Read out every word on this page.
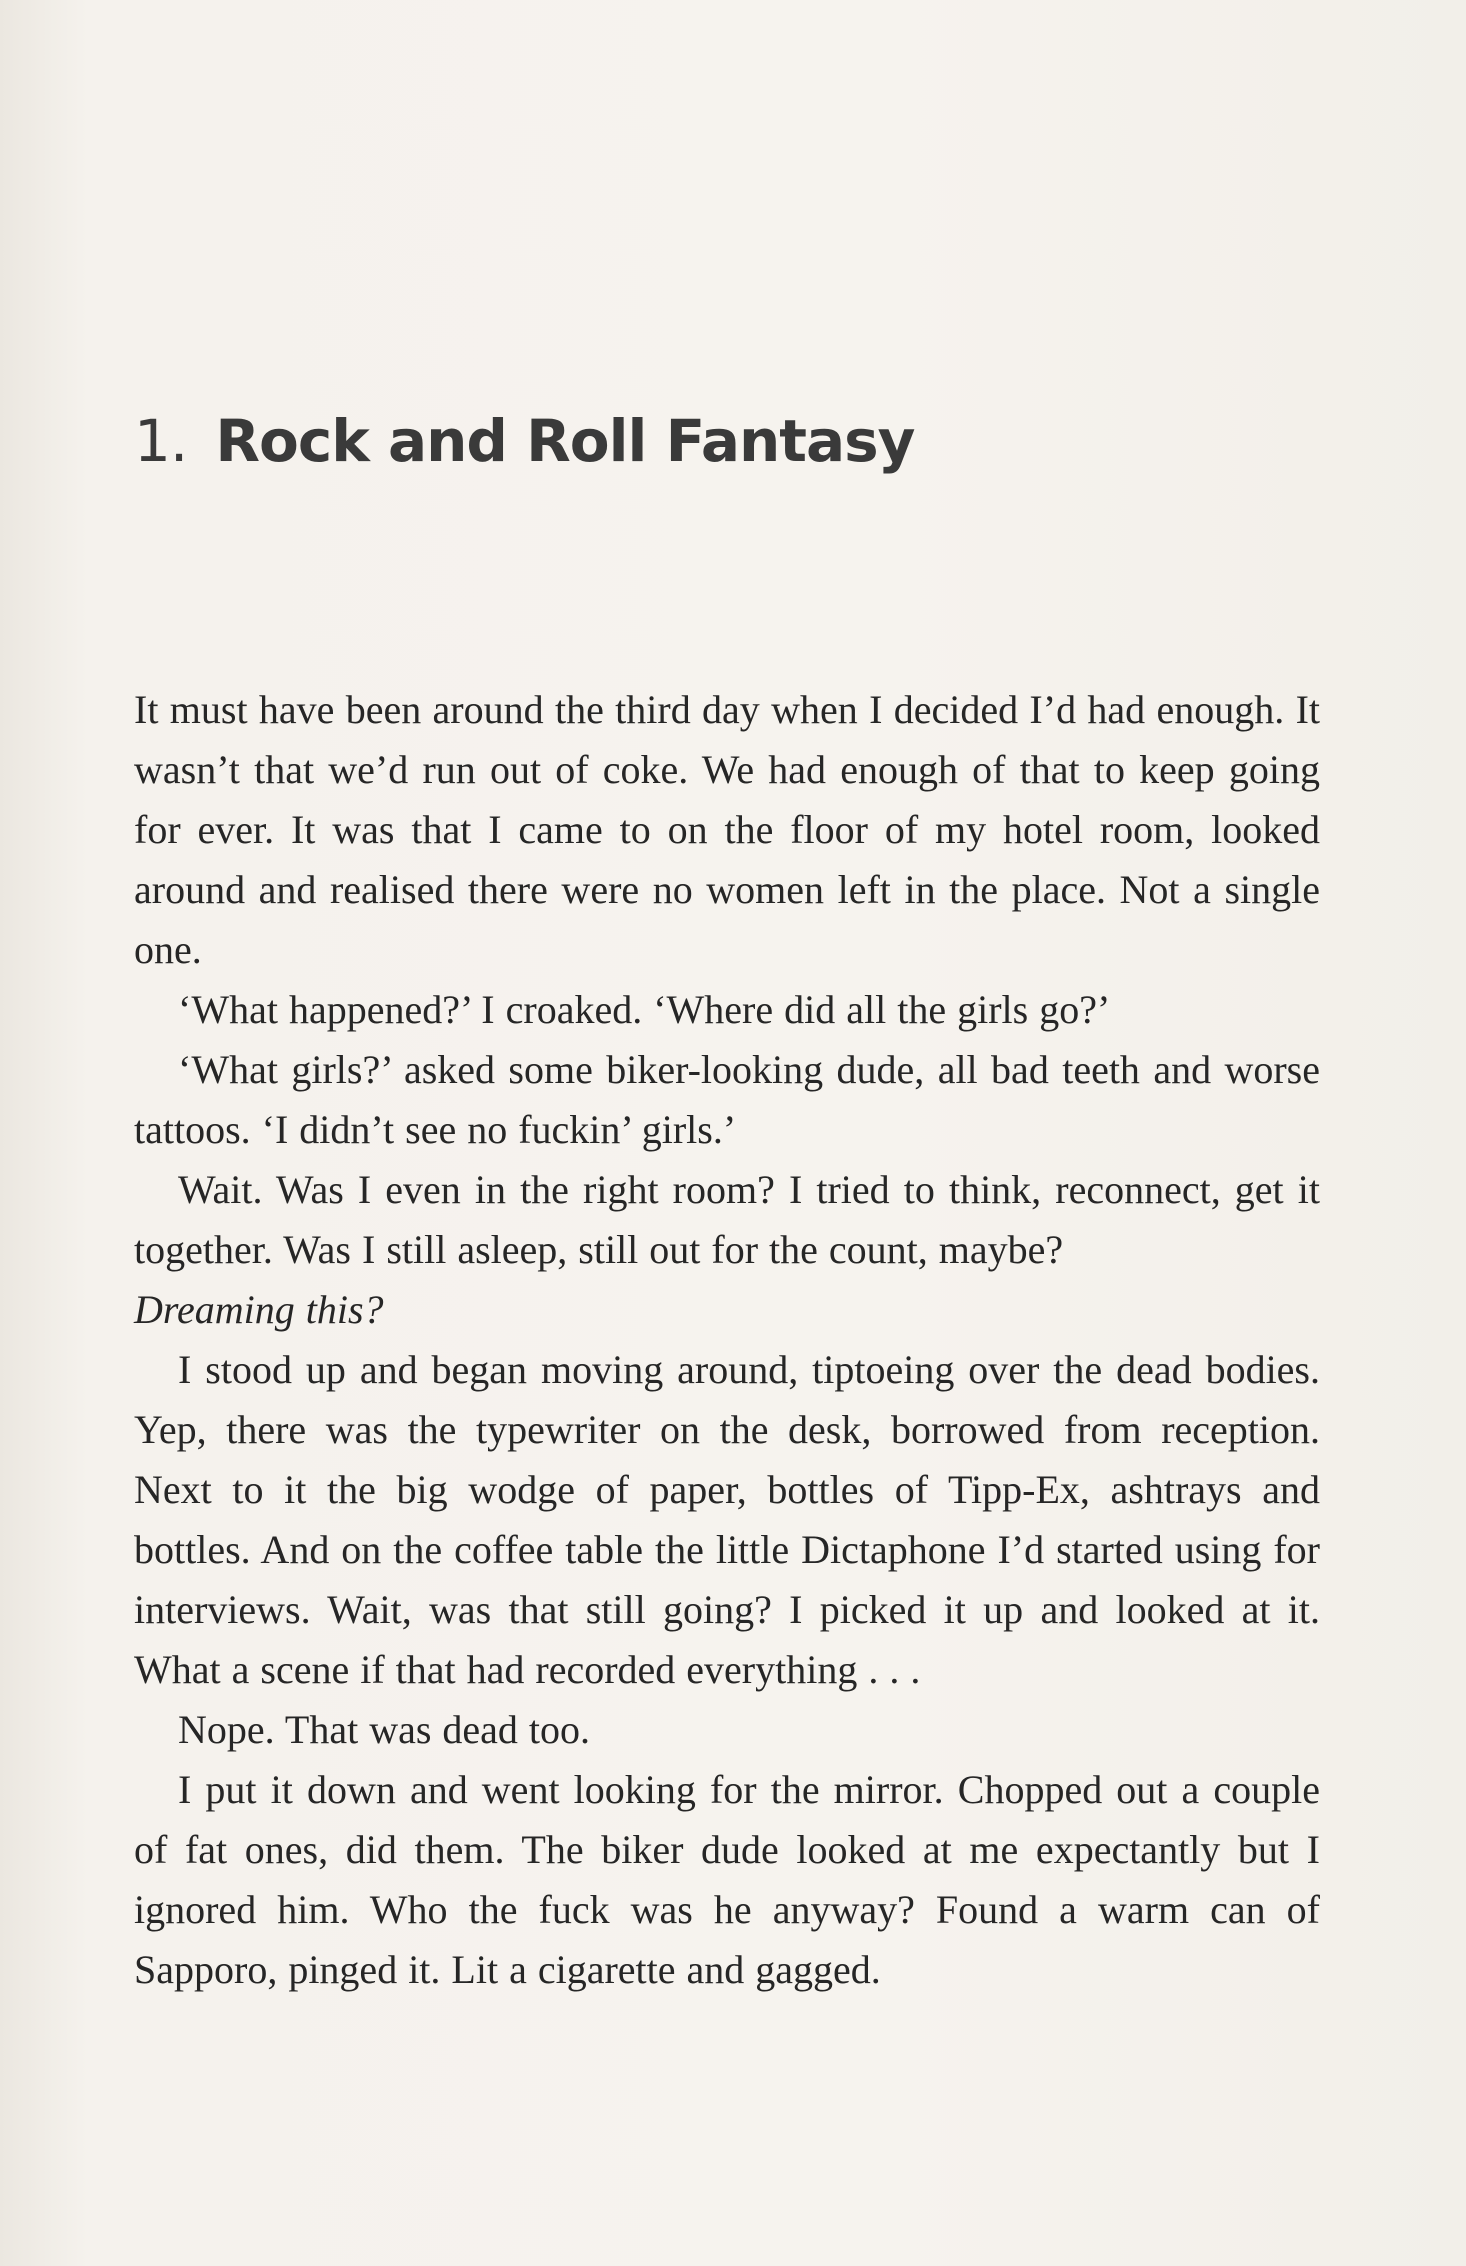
1. Rock and Roll Fantasy

It must have been around the third day when I decided I’d had enough. It wasn’t that we’d run out of coke. We had enough of that to keep going for ever. It was that I came to on the floor of my hotel room, looked around and realised there were no women left in the place. Not a single one.

‘What happened?’ I croaked. ‘Where did all the girls go?’

‘What girls?’ asked some biker-looking dude, all bad teeth and worse tattoos. ‘I didn’t see no fuckin’ girls.’

Wait. Was I even in the right room? I tried to think, reconnect, get it together. Was I still asleep, still out for the count, maybe?

Dreaming this?

I stood up and began moving around, tiptoeing over the dead bodies. Yep, there was the typewriter on the desk, borrowed from reception. Next to it the big wodge of paper, bottles of Tipp-Ex, ashtrays and bottles. And on the coffee table the little Dictaphone I’d started using for interviews. Wait, was that still going? I picked it up and looked at it. What a scene if that had recorded everything . . .

Nope. That was dead too.

I put it down and went looking for the mirror. Chopped out a couple of fat ones, did them. The biker dude looked at me expectantly but I ignored him. Who the fuck was he anyway? Found a warm can of Sapporo, pinged it. Lit a cigarette and gagged.
